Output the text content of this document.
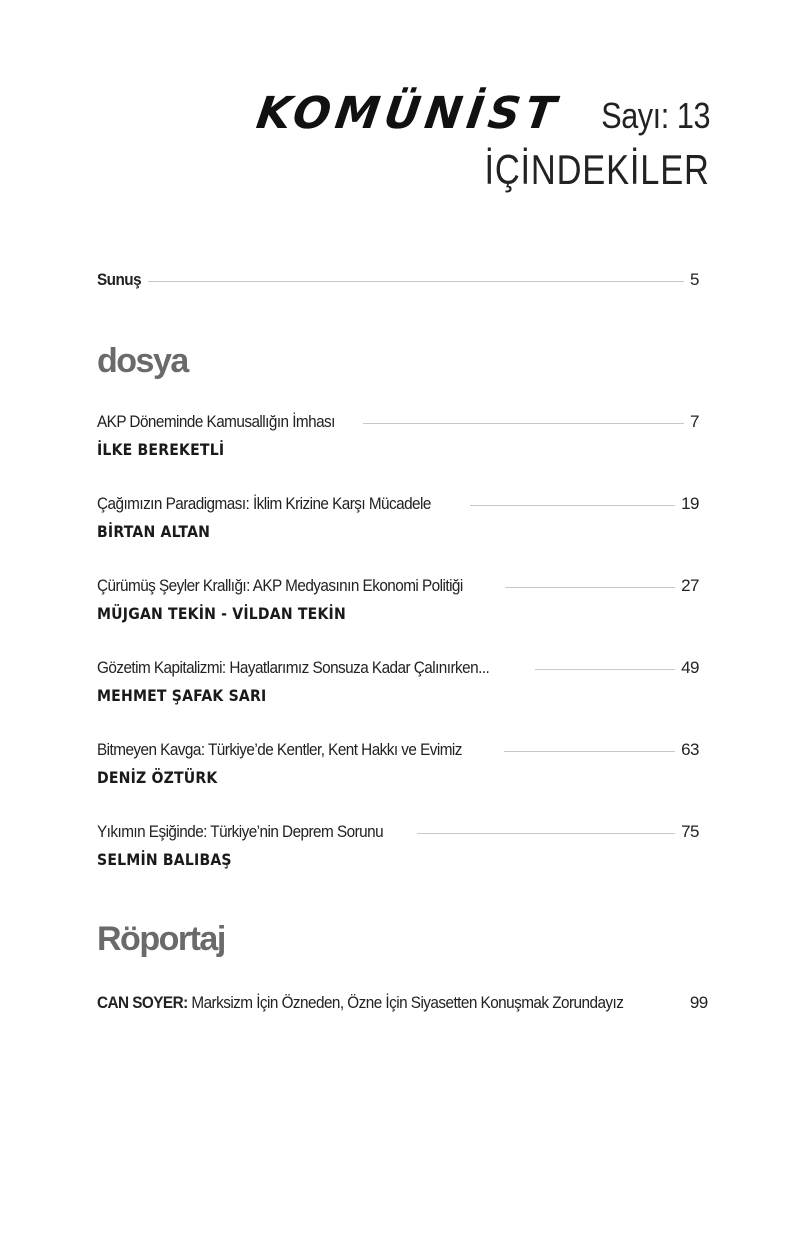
KOMÜNİST Sayı: 13
İÇİNDEKİLER
Sunuş	5
dosya
AKP Döneminde Kamusallığın İmhası	7
İLKE BEREKETLİ
Çağımızın Paradigması: İklim Krizine Karşı Mücadele	19
BİRTAN ALTAN
Çürümüş Şeyler Krallığı: AKP Medyasının Ekonomi Politiği	27
MÜJGAN TEKİN - VİLDAN TEKİN
Gözetim Kapitalizmi: Hayatlarımız Sonsuza Kadar Çalınırken...	49
MEHMET ŞAFAK SARI
Bitmeyen Kavga: Türkiye’de Kentler, Kent Hakkı ve Evimiz	63
DENİZ ÖZTÜRK
Yıkımın Eşiğinde: Türkiye’nin Deprem Sorunu	75
SELMİN BALIBAŞ
Röportaj
CAN SOYER: Marksizm İçin Özneden, Özne İçin Siyasetten Konuşmak Zorundayız	99
